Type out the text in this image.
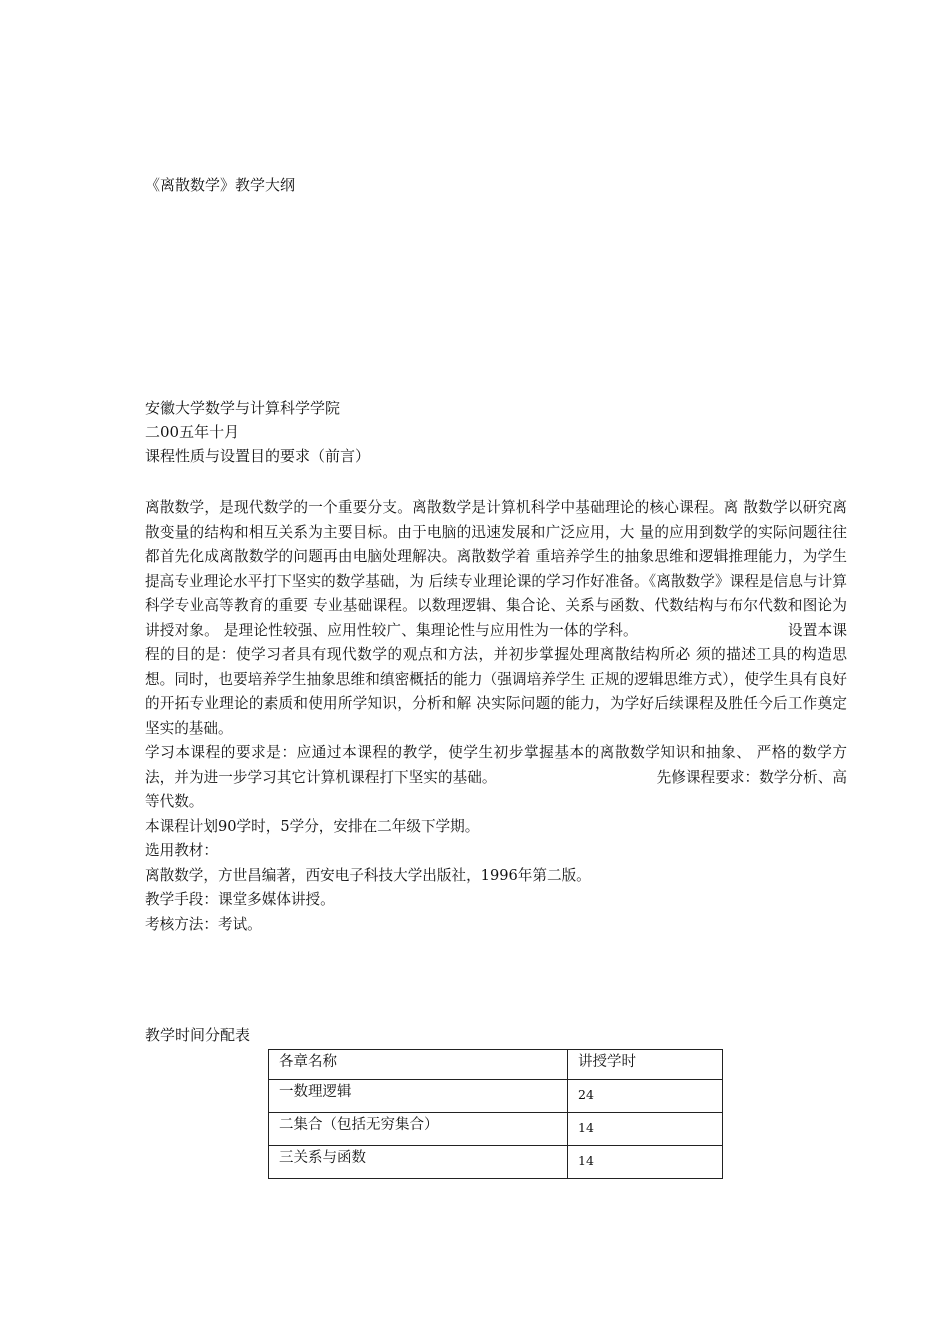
《离散数学》教学大纲
安徽大学数学与计算科学学院
二00五年十月
课程性质与设置目的要求（前言）

离散数学，是现代数学的一个重要分支。离散数学是计算机科学中基础理论的核心课程。离 散数学以研究离散变量的结构和相互关系为主要目标。由于电脑的迅速发展和广泛应用，大 量的应用到数学的实际问题往往都首先化成离散数学的问题再由电脑处理解决。离散数学着 重培养学生的抽象思维和逻辑推理能力，为学生提高专业理论水平打下坚实的数学基础，为 后续专业理论课的学习作好准备。《离散数学》课程是信息与计算科学专业高等教育的重要 专业基础课程。以数理逻辑、集合论、关系与函数、代数结构与布尔代数和图论为讲授对象。 是理论性较强、应用性较广、集理论性与应用性为一体的学科。	设置本课程的目的是：使学习者具有现代数学的观点和方法，并初步掌握处理离散结构所必 须的描述工具的构造思想。同时，也要培养学生抽象思维和缜密概括的能力（强调培养学生 正规的逻辑思维方式），使学生具有良好的开拓专业理论的素质和使用所学知识，分析和解 决实际问题的能力，为学好后续课程及胜任今后工作奠定坚实的基础。

学习本课程的要求是：应通过本课程的教学，使学生初步掌握基本的离散数学知识和抽象、 严格的数学方法，并为进一步学习其它计算机课程打下坚实的基础。	先修课程要求：数学分析、高等代数。

本课程计划90学时，5学分，安排在二年级下学期。

选用教材：

离散数学，方世昌编著，西安电子科技大学出版社，1996年第二版。

教学手段：课堂多媒体讲授。

考核方法：考试。

教学时间分配表
各章名称	讲授学时
一数理逻辑	24
二集合（包括无穷集合）	14
三关系与函数	14
